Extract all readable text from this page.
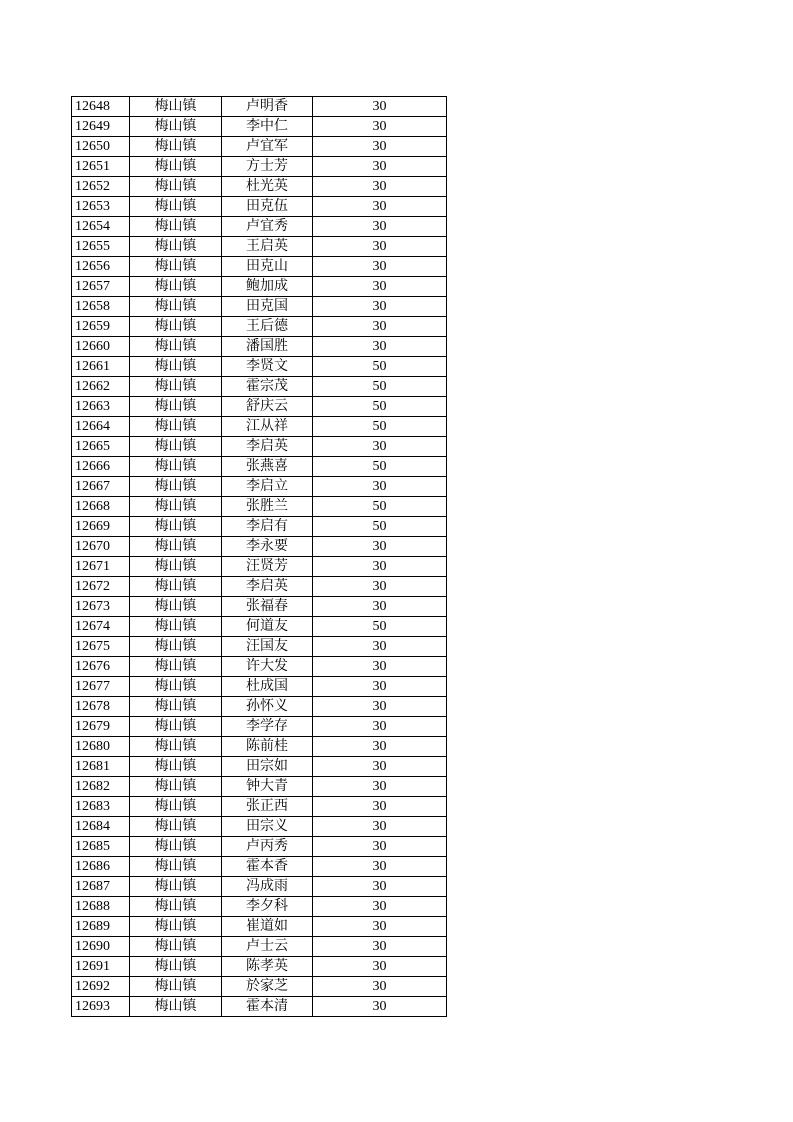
12648	梅山镇	卢明香	30
12649	梅山镇	李中仁	30
12650	梅山镇	卢宜军	30
12651	梅山镇	方士芳	30
12652	梅山镇	杜光英	30
12653	梅山镇	田克伍	30
12654	梅山镇	卢宜秀	30
12655	梅山镇	王启英	30
12656	梅山镇	田克山	30
12657	梅山镇	鲍加成	30
12658	梅山镇	田克国	30
12659	梅山镇	王后德	30
12660	梅山镇	潘国胜	30
12661	梅山镇	李贤文	50
12662	梅山镇	霍宗茂	50
12663	梅山镇	舒庆云	50
12664	梅山镇	江从祥	50
12665	梅山镇	李启英	30
12666	梅山镇	张燕喜	50
12667	梅山镇	李启立	30
12668	梅山镇	张胜兰	50
12669	梅山镇	李启有	50
12670	梅山镇	李永要	30
12671	梅山镇	汪贤芳	30
12672	梅山镇	李启英	30
12673	梅山镇	张福春	30
12674	梅山镇	何道友	50
12675	梅山镇	汪国友	30
12676	梅山镇	许大发	30
12677	梅山镇	杜成国	30
12678	梅山镇	孙怀义	30
12679	梅山镇	李学存	30
12680	梅山镇	陈前桂	30
12681	梅山镇	田宗如	30
12682	梅山镇	钟大青	30
12683	梅山镇	张正西	30
12684	梅山镇	田宗义	30
12685	梅山镇	卢丙秀	30
12686	梅山镇	霍本香	30
12687	梅山镇	冯成雨	30
12688	梅山镇	李夕科	30
12689	梅山镇	崔道如	30
12690	梅山镇	卢士云	30
12691	梅山镇	陈孝英	30
12692	梅山镇	於家芝	30
12693	梅山镇	霍本清	30
